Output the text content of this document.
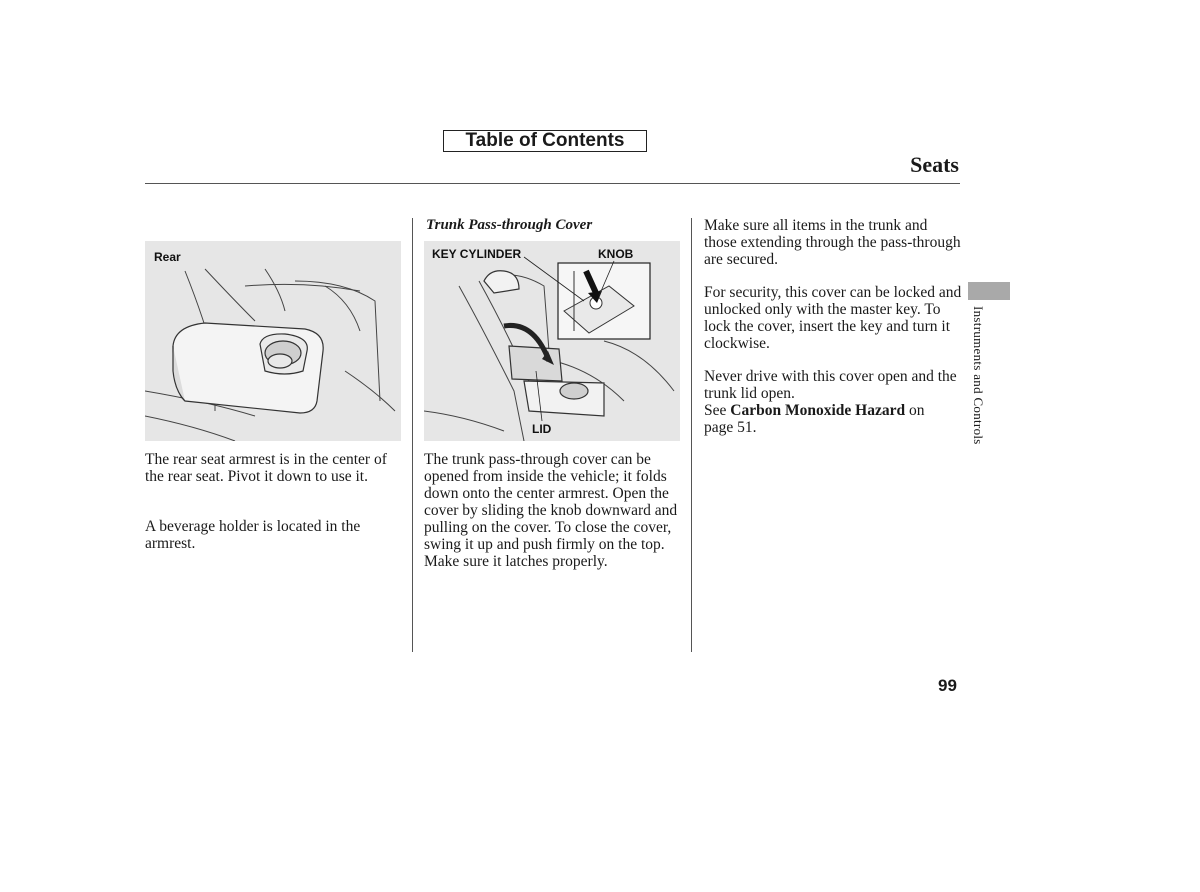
Table of Contents
Seats
Rear	KEY CYLINDER	KNOB
LID

The rear seat armrest is in the center of the rear seat. Pivot it down to use it.

A beverage holder is located in the armrest.

Trunk Pass-through Cover

The trunk pass-through cover can be opened from inside the vehicle; it folds down onto the center armrest. Open the cover by sliding the knob downward and pulling on the cover. To close the cover, swing it up and push firmly on the top. Make sure it latches properly.

Make sure all items in the trunk and those extending through the pass-through are secured.

For security, this cover can be locked and unlocked only with the master key. To lock the cover, insert the key and turn it clockwise.

Never drive with this cover open and the trunk lid open.

See Carbon Monoxide Hazard on
page 51.	Instruments and Controls
99
